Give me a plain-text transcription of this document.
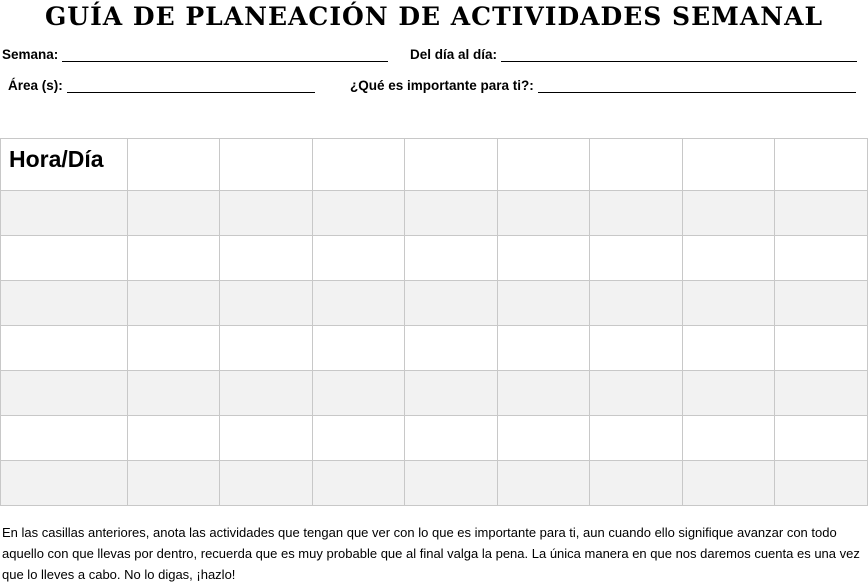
GUÍA DE PLANEACIÓN DE ACTIVIDADES SEMANAL
Semana:	Del día al día:
Área (s):	¿Qué es importante para ti?:
Hora/Día								

En las casillas anteriores, anota las actividades que tengan que ver con lo que es importante para ti, aun cuando ello signifique avanzar con todo aquello con que llevas por dentro, recuerda que es muy probable que al final valga la pena. La única manera en que nos daremos cuenta es una vez que lo lleves a cabo. No lo digas, ¡hazlo!
